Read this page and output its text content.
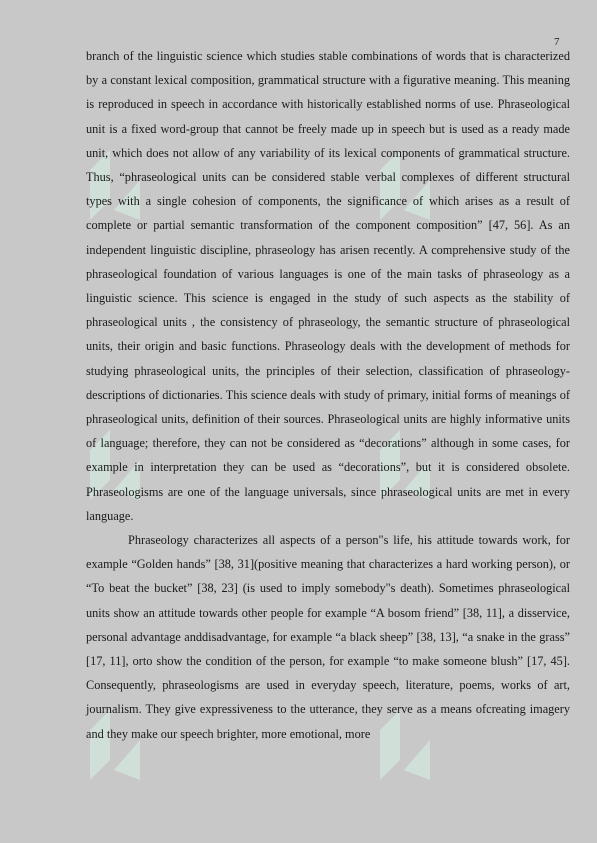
7

branch of the linguistic science which studies stable combinations of words that is characterized by a constant lexical composition, grammatical structure with a figurative meaning. This meaning is reproduced in speech in accordance with historically established norms of use. Phraseological unit is a fixed word-group that cannot be freely made up in speech but is used as a ready made unit, which does not allow of any variability of its lexical components of grammatical structure. Thus, “phraseological units can be considered stable verbal complexes of different structural types with a single cohesion of components, the significance of which arises as a result of complete or partial semantic transformation of the component composition” [47, 56]. As an independent linguistic discipline, phraseology has arisen recently. A comprehensive study of the phraseological foundation of various languages is one of the main tasks of phraseology as a linguistic science. This science is engaged in the study of such aspects as the stability of phraseological units , the consistency of phraseology, the semantic structure of phraseological units, their origin and basic functions. Phraseology deals with the development of methods for studying phraseological units, the principles of their selection, classification of phraseology-descriptions of dictionaries. This science deals with study of primary, initial forms of meanings of phraseological units, definition of their sources. Phraseological units are highly informative units of language; therefore, they can not be considered as “decorations” although in some cases, for example in interpretation they can be used as “decorations”, but it is considered obsolete. Phraseologisms are one of the language universals, since phraseological units are met in every language.

Phraseology characterizes all aspects of a person"s life, his attitude towards work, for example “Golden hands” [38, 31](positive meaning that characterizes a hard working person), or “To beat the bucket” [38, 23] (is used to imply somebody"s death). Sometimes phraseological units show an attitude towards other people for example “A bosom friend” [38, 11], a disservice, personal advantage anddisadvantage, for example “a black sheep” [38, 13], “a snake in the grass” [17, 11], orto show the condition of the person, for example “to make someone blush” [17, 45]. Consequently, phraseologisms are used in everyday speech, literature, poems, works of art, journalism. They give expressiveness to the utterance, they serve as a means ofcreating imagery and they make our speech brighter, more emotional, more
